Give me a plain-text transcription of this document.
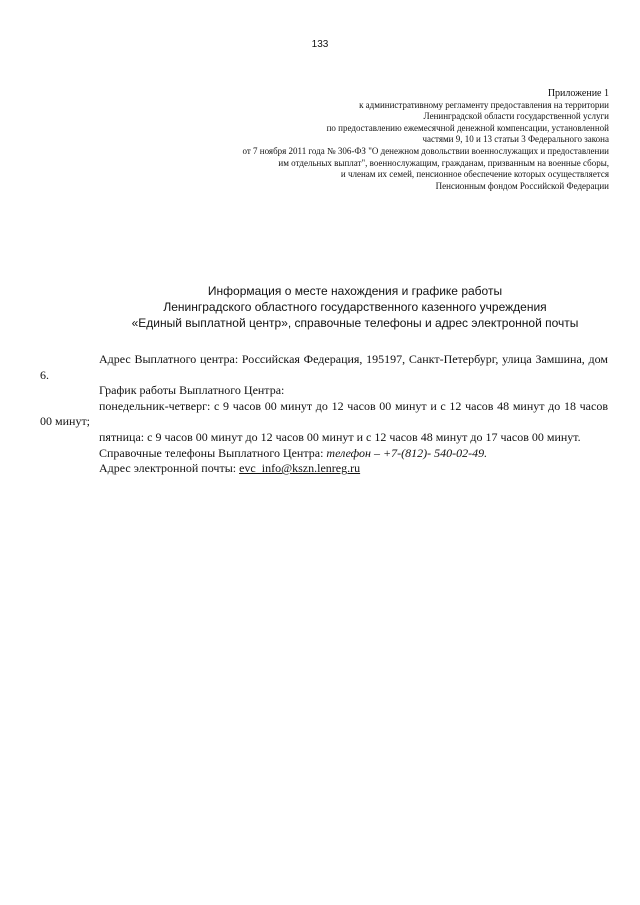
133
Приложение 1
к административному регламенту предоставления на территории
Ленинградской области государственной услуги
по предоставлению ежемесячной денежной компенсации, установленной
частями 9, 10 и 13 статьи 3 Федерального закона
от 7 ноября 2011 года № 306-ФЗ "О денежном довольствии военнослужащих и предоставлении
им отдельных выплат", военнослужащим, гражданам, призванным на военные сборы,
и членам их семей, пенсионное обеспечение которых осуществляется
Пенсионным фондом Российской Федерации
Информация о месте нахождения и графике работы
Ленинградского областного государственного казенного учреждения
«Единый выплатной центр», справочные телефоны и адрес электронной почты

Адрес Выплатного центра: Российская Федерация, 195197, Санкт-Петербург, улица Замшина, дом 6.

График работы Выплатного Центра:

понедельник-четверг: с 9 часов 00 минут до 12 часов 00 минут и с 12 часов 48 минут до 18 часов 00 минут;

пятница: с 9 часов 00 минут до 12 часов 00 минут и с 12 часов 48 минут до 17 часов 00 минут.

Справочные телефоны Выплатного Центра: телефон – +7-(812)- 540-02-49.

Адрес электронной почты: evc_info@kszn.lenreg.ru
